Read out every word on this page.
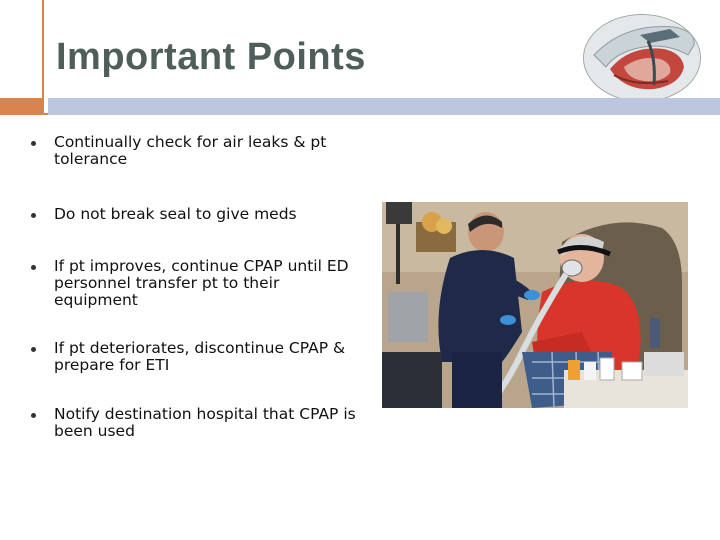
Important Points
Continually check for air leaks & pt tolerance
Do not break seal to give meds
If pt improves, continue CPAP until ED personnel transfer pt to their equipment
If pt deteriorates, discontinue CPAP & prepare for ETI
Notify destination hospital that CPAP is been used
